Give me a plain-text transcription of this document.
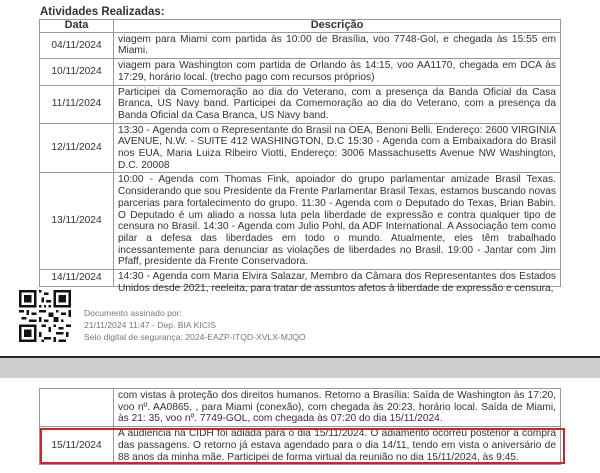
Atividades Realizadas:
Data	Descrição
04/11/2024	viagem para Miami com partida às 10:00 de Brasília, voo 7748-Gol, e chegada às 15:55 em Miami.
10/11/2024	viagem para Washington com partida de Orlando às 14:15, voo AA1170, chegada em DCA às 17:29, horário local. (trecho pago com recursos próprios)
11/11/2024	Participei da Comemoração ao dia do Veterano, com a presença da Banda Oficial da Casa Branca, US Navy band. Participei da Comemoração ao dia do Veterano, com a presença da Banda Oficial da Casa Branca, US Navy band.
12/11/2024	13:30 - Agenda com o Representante do Brasil na OEA, Benoni Belli. Endereço: 2600 VIRGINIA AVENUE, N.W. - SUITE 412 WASHINGTON, D.C 15:30 - Agenda com a Embaixadora do Brasil nos EUA, Maria Luiza Ribeiro Viotti, Endereço: 3006 Massachusetts Avenue NW Washington, D.C. 20008
13/11/2024	10:00 - Agenda com Thomas Fink, apoiador do grupo parlamentar amizade Brasil Texas. Considerando que sou Presidente da Frente Parlamentar Brasil Texas, estamos buscando novas parcerias para fortalecimento do grupo. 11:30 - Agenda com o Deputado do Texas, Brian Babin. O Deputado é um aliado a nossa luta pela liberdade de expressão e contra qualquer tipo de censura no Brasil. 14:30 - Agenda com Julio Pohl, da ADF International. A Associação tem como pilar a defesa das liberdades em todo o mundo. Atualmente, eles têm trabalhado incessantemente para denunciar as violações de liberdades no Brasil. 19:00 - Jantar com Jim Pfaff, presidente da Frente Conservadora.
14/11/2024	14:30 - Agenda com Maria Elvira Salazar, Membro da Câmara dos Representantes dos Estados Unidos desde 2021, reeleita, para tratar de assuntos afetos à liberdade de expressão e censura,
Documento assinado por:
21/11/2024 11:47 - Dep. BIA KICIS
Selo digital de segurança: 2024-EAZP-ITQD-XVLX-MJQO
	com vistas à proteção dos direitos humanos. Retorno a Brasília: Saída de Washington às 17:20, voo nº. AA0865, , para Miami (conexão), com chegada às 20:23, horário local. Saída de Miami, às 21: 35, voo nº. 7749-GOL, com chegada às 07:20 do dia 15/11/2024.
15/11/2024	A audiência na CIDH foi adiada para o dia 15/11/2024. O adiamento ocorreu posterior à compra das passagens. O retorno já estava agendado para o dia 14/11, tendo em vista o aniversário de 88 anos da minha mãe. Participei de forma virtual da reunião no dia 15/11/2024, às 9:45.
